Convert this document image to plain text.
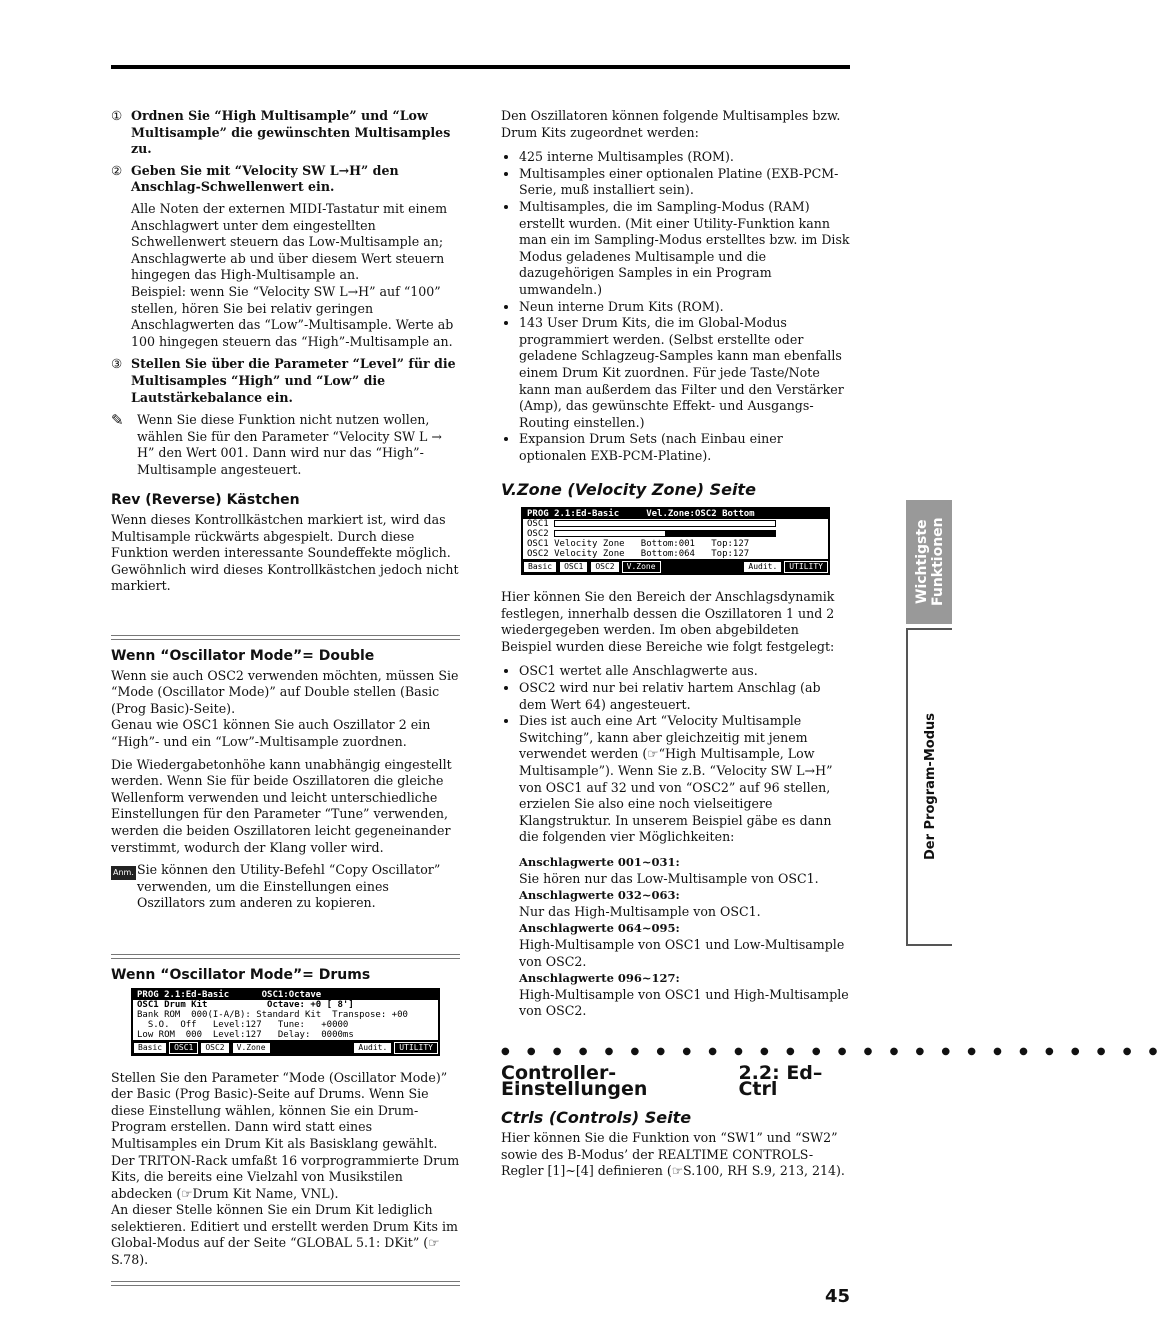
① Ordnen Sie “High Multisample” und “Low Multisample” die gewünschten Multisamples zu.
② Geben Sie mit “Velocity SW L→H” den Anschlag-Schwellenwert ein.

Alle Noten der externen MIDI-Tastatur mit einem Anschlagwert unter dem eingestellten Schwellenwert steuern das Low-Multisample an; Anschlagwerte ab und über diesem Wert steuern hingegen das High-Multisample an.

Beispiel: wenn Sie “Velocity SW L→H” auf “100” stellen, hören Sie bei relativ geringen Anschlagwerten das “Low”-Multisample. Werte ab 100 hingegen steuern das “High”-Multisample an.

③ Stellen Sie über die Parameter “Level” für die Multisamples “High” und “Low” die Lautstärkebalance ein.
✎	Wenn Sie diese Funktion nicht nutzen wollen, wählen Sie für den Parameter “Velocity SW L → H” den Wert 001. Dann wird nur das “High”-Multisample angesteuert.
Rev (Reverse) Kästchen

Wenn dieses Kontrollkästchen markiert ist, wird das Multisample rückwärts abgespielt. Durch diese Funktion werden interessante Soundeffekte möglich. Gewöhnlich wird dieses Kontrollkästchen jedoch nicht markiert.

Wenn “Oscillator Mode”= Double

Wenn sie auch OSC2 verwenden möchten, müssen Sie “Mode (Oscillator Mode)” auf Double stellen (Basic (Prog Basic)-Seite).

Genau wie OSC1 können Sie auch Oszillator 2 ein “High”- und ein “Low”-Multisample zuordnen.

Die Wiedergabetonhöhe kann unabhängig eingestellt werden. Wenn Sie für beide Oszillatoren die gleiche Wellenform verwenden und leicht unterschiedliche Einstellungen für den Parameter “Tune” verwenden, werden die beiden Oszillatoren leicht gegeneinander verstimmt, wodurch der Klang voller wird.

Anm. Sie können den Utility-Befehl “Copy Oscillator” verwenden, um die Einstellungen eines Oszillators zum anderen zu kopieren.
Wenn “Oscillator Mode”= Drums
PROG 2.1:Ed-Basic      OSC1:Octave
OSC1 Drum Kit           Octave: +0 [ 8']
Bank ROM  000(I-A/B): Standard Kit  Transpose: +00
S.O.  Off   Level:127   Tune:   +0000
Low ROM  000  Level:127   Delay:  0000ms
Basic	OSC1	OSC2	V.Zone	Audit.	UTILITY

Stellen Sie den Parameter “Mode (Oscillator Mode)” der Basic (Prog Basic)-Seite auf Drums. Wenn Sie diese Einstellung wählen, können Sie ein Drum-Program erstellen. Dann wird statt eines Multisamples ein Drum Kit als Basisklang gewählt. Der TRITON-Rack umfaßt 16 vorprogrammierte Drum Kits, die bereits eine Vielzahl von Musikstilen abdecken (☞Drum Kit Name, VNL).

An dieser Stelle können Sie ein Drum Kit lediglich selektieren. Editiert und erstellt werden Drum Kits im Global-Modus auf der Seite “GLOBAL 5.1: DKit” (☞S.78).

Den Oszillatoren können folgende Multisamples bzw. Drum Kits zugeordnet werden:

• 425 interne Multisamples (ROM).
• Multisamples einer optionalen Platine (EXB-PCM-Serie, muß installiert sein).
• Multisamples, die im Sampling-Modus (RAM) erstellt wurden. (Mit einer Utility-Funktion kann man ein im Sampling-Modus erstelltes bzw. im Disk Modus geladenes Multisample und die dazugehörigen Samples in ein Program umwandeln.)
• Neun interne Drum Kits (ROM).
• 143 User Drum Kits, die im Global-Modus programmiert werden. (Selbst erstellte oder geladene Schlagzeug-Samples kann man ebenfalls einem Drum Kit zuordnen. Für jede Taste/Note kann man außerdem das Filter und den Verstärker (Amp), das gewünschte Effekt- und Ausgangs-Routing einstellen.)
• Expansion Drum Sets (nach Einbau einer optionalen EXB-PCM-Platine).
V.Zone (Velocity Zone) Seite
PROG 2.1:Ed-Basic     Vel.Zone:OSC2 Bottom
OSC1
OSC2
OSC1 Velocity Zone   Bottom:001   Top:127
OSC2 Velocity Zone   Bottom:064   Top:127
Basic	OSC1	OSC2	V.Zone	Audit.	UTILITY

Hier können Sie den Bereich der Anschlagsdynamik festlegen, innerhalb dessen die Oszillatoren 1 und 2 wiedergegeben werden. Im oben abgebildeten Beispiel wurden diese Bereiche wie folgt festgelegt:

• OSC1 wertet alle Anschlagwerte aus.
• OSC2 wird nur bei relativ hartem Anschlag (ab dem Wert 64) angesteuert.
• Dies ist auch eine Art “Velocity Multisample Switching”, kann aber gleichzeitig mit jenem verwendet werden (☞“High Multisample, Low Multisample”). Wenn Sie z.B. “Velocity SW L→H” von OSC1 auf 32 und von “OSC2” auf 96 stellen, erzielen Sie also eine noch vielseitigere Klangstruktur. In unserem Beispiel gäbe es dann die folgenden vier Möglichkeiten:
Anschlagwerte 001~031:
Sie hören nur das Low-Multisample von OSC1.
Anschlagwerte 032~063:
Nur das High-Multisample von OSC1.
Anschlagwerte 064~095:
High-Multisample von OSC1 und Low-Multisample von OSC2.
Anschlagwerte 096~127:
High-Multisample von OSC1 und High-Multisample von OSC2.
● ● ● ● ● ● ● ● ● ● ● ● ● ● ● ● ● ● ● ● ● ● ● ● ● ●
Controller-Einstellungen
2.2: Ed–Ctrl
Ctrls (Controls) Seite

Hier können Sie die Funktion von “SW1” und “SW2” sowie des B-Modus’ der REALTIME CONTROLS-Regler [1]~[4] definieren (☞S.100, RH S.9, 213, 214).

Wichtigste Funktionen
Der Program-Modus
45
